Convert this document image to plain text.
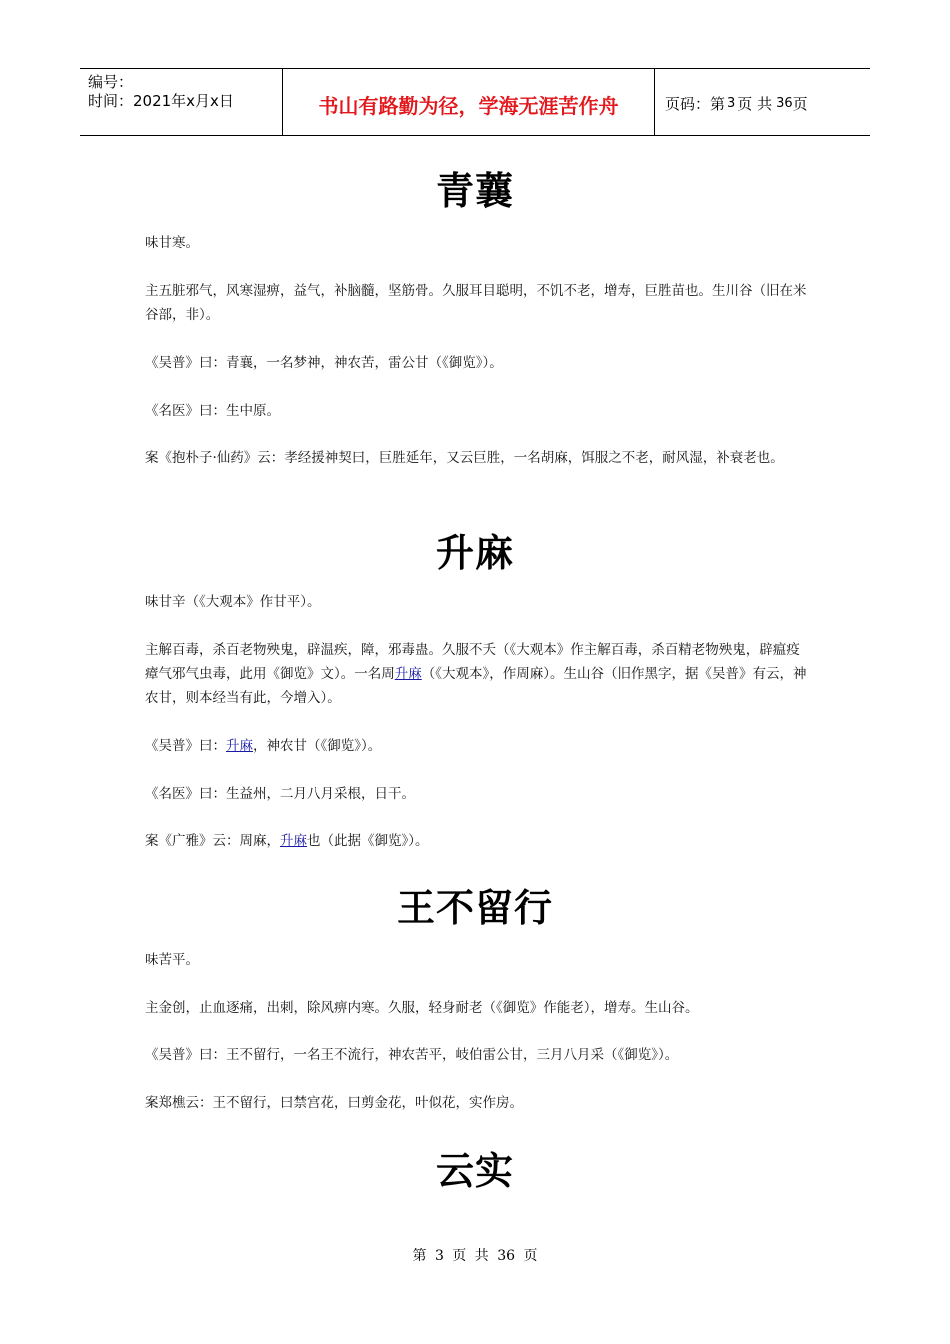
编号：
时间：2021年x月x日	书山有路勤为径，学海无涯苦作舟	页码：第 3 页 共 36 页
青蘘
味甘寒。
主五脏邪气，风寒湿痹，益气，补脑髓，坚筋骨。久服耳目聪明，不饥不老，增寿，巨胜苗也。生川谷（旧在米谷部，非）。
《吴普》曰：青襄，一名梦神，神农苦，雷公甘（《御览》）。
《名医》曰：生中原。
案《抱朴子·仙药》云：孝经援神契曰，巨胜延年，又云巨胜，一名胡麻，饵服之不老，耐风湿，补衰老也。
升麻
味甘辛（《大观本》作甘平）。
主解百毒，杀百老物殃鬼，辟温疾，障，邪毒蛊。久服不夭（《大观本》作主解百毒，杀百精老物殃鬼，辟瘟疫瘴气邪气虫毒，此用《御览》文）。一名周升麻（《大观本》，作周麻）。生山谷（旧作黑字，据《吴普》有云，神农甘，则本经当有此，今增入）。
《吴普》曰：升麻，神农甘（《御览》）。
《名医》曰：生益州，二月八月采根，日干。
案《广雅》云：周麻，升麻也（此据《御览》）。
王不留行
味苦平。
主金创，止血逐痛，出刺，除风痹内寒。久服，轻身耐老（《御览》作能老），增寿。生山谷。
《吴普》曰：王不留行，一名王不流行，神农苦平，岐伯雷公甘，三月八月采（《御览》）。
案郑樵云：王不留行，曰禁宫花，曰剪金花，叶似花，实作房。
云实
第 3 页 共 36 页
